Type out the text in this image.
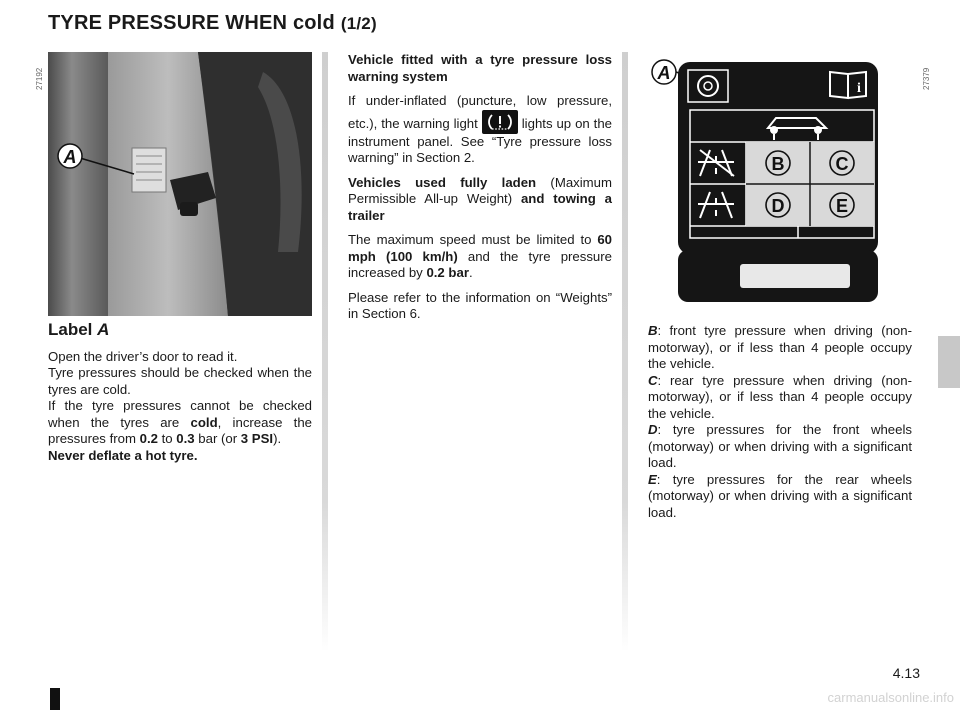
TYRE PRESSURE WHEN cold (1/2)
27192	27379
A
Label A

Open the driver’s door to read it.

Tyre pressures should be checked when the tyres are cold.

If the tyre pressures cannot be checked when the tyres are cold, increase the pressures from 0.2 to 0.3 bar (or 3 PSI).

Never deflate a hot tyre.

Vehicle fitted with a tyre pressure loss warning system

If under-inflated (puncture, low pressure, etc.), the warning light	lights up on the instrument panel. See “Tyre pressure loss warning” in Section 2.

Vehicles used fully laden (Maximum Permissible All-up Weight) and towing a trailer

The maximum speed must be limited to 60 mph (100 km/h) and the tyre pressure increased by 0.2 bar.

Please refer to the information on “Weights” in Section 6.

A
i
B	C
D	E

B: front tyre pressure when driving (non-motorway), or if less than 4 people occupy the vehicle.

C: rear tyre pressure when driving (non-motorway), or if less than 4 people occupy the vehicle.

D: tyre pressures for the front wheels (motorway) or when driving with a significant load.

E: tyre pressures for the rear wheels (motorway) or when driving with a significant load.

4.13
carmanualsonline.info
